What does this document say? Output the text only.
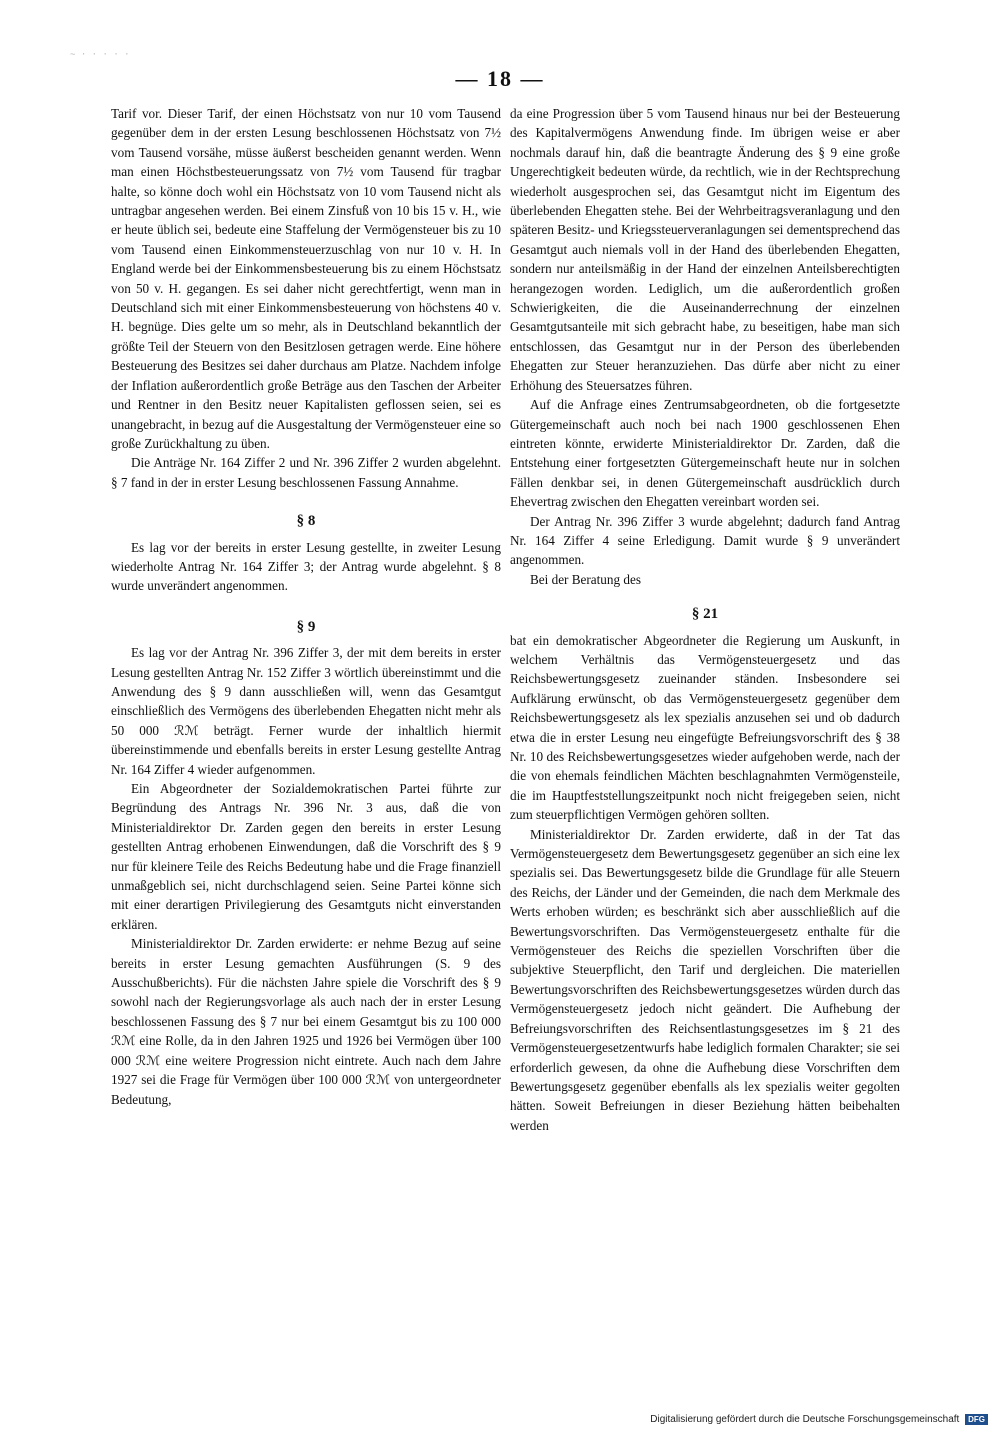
~ · · · · ·
— 18 —

Tarif vor. Dieser Tarif, der einen Höchstsatz von nur 10 vom Tausend gegenüber dem in der ersten Lesung beschlossenen Höchstsatz von 7½ vom Tausend vorsähe, müsse äußerst bescheiden genannt werden. Wenn man einen Höchstbesteuerungssatz von 7½ vom Tausend für tragbar halte, so könne doch wohl ein Höchstsatz von 10 vom Tausend nicht als untragbar angesehen werden. Bei einem Zinsfuß von 10 bis 15 v. H., wie er heute üblich sei, bedeute eine Staffelung der Vermögensteuer bis zu 10 vom Tausend einen Einkommensteuerzuschlag von nur 10 v. H. In England werde bei der Einkommensbesteuerung bis zu einem Höchstsatz von 50 v. H. gegangen. Es sei daher nicht gerechtfertigt, wenn man in Deutschland sich mit einer Einkommensbesteuerung von höchstens 40 v. H. begnüge. Dies gelte um so mehr, als in Deutschland bekanntlich der größte Teil der Steuern von den Besitzlosen getragen werde. Eine höhere Besteuerung des Besitzes sei daher durchaus am Platze. Nachdem infolge der Inflation außerordentlich große Beträge aus den Taschen der Arbeiter und Rentner in den Besitz neuer Kapitalisten geflossen seien, sei es unangebracht, in bezug auf die Ausgestaltung der Vermögensteuer eine so große Zurückhaltung zu üben.

Die Anträge Nr. 164 Ziffer 2 und Nr. 396 Ziffer 2 wurden abgelehnt. § 7 fand in der in erster Lesung beschlossenen Fassung Annahme.

§ 8

Es lag vor der bereits in erster Lesung gestellte, in zweiter Lesung wiederholte Antrag Nr. 164 Ziffer 3; der Antrag wurde abgelehnt. § 8 wurde unverändert angenommen.

§ 9

Es lag vor der Antrag Nr. 396 Ziffer 3, der mit dem bereits in erster Lesung gestellten Antrag Nr. 152 Ziffer 3 wörtlich übereinstimmt und die Anwendung des § 9 dann ausschließen will, wenn das Gesamtgut einschließlich des Vermögens des überlebenden Ehegatten nicht mehr als 50 000 ℛℳ beträgt. Ferner wurde der inhaltlich hiermit übereinstimmende und ebenfalls bereits in erster Lesung gestellte Antrag Nr. 164 Ziffer 4 wieder aufgenommen.

Ein Abgeordneter der Sozialdemokratischen Partei führte zur Begründung des Antrags Nr. 396 Nr. 3 aus, daß die von Ministerialdirektor Dr. Zarden gegen den bereits in erster Lesung gestellten Antrag erhobenen Einwendungen, daß die Vorschrift des § 9 nur für kleinere Teile des Reichs Bedeutung habe und die Frage finanziell unmaßgeblich sei, nicht durchschlagend seien. Seine Partei könne sich mit einer derartigen Privilegierung des Gesamtguts nicht einverstanden erklären.

Ministerialdirektor Dr. Zarden erwiderte: er nehme Bezug auf seine bereits in erster Lesung gemachten Ausführungen (S. 9 des Ausschußberichts). Für die nächsten Jahre spiele die Vorschrift des § 9 sowohl nach der Regierungsvorlage als auch nach der in erster Lesung beschlossenen Fassung des § 7 nur bei einem Gesamtgut bis zu 100 000 ℛℳ eine Rolle, da in den Jahren 1925 und 1926 bei Vermögen über 100 000 ℛℳ eine weitere Progression nicht eintrete. Auch nach dem Jahre 1927 sei die Frage für Vermögen über 100 000 ℛℳ von untergeordneter Bedeutung,

da eine Progression über 5 vom Tausend hinaus nur bei der Besteuerung des Kapitalvermögens Anwendung finde. Im übrigen weise er aber nochmals darauf hin, daß die beantragte Änderung des § 9 eine große Ungerechtigkeit bedeuten würde, da rechtlich, wie in der Rechtsprechung wiederholt ausgesprochen sei, das Gesamtgut nicht im Eigentum des überlebenden Ehegatten stehe. Bei der Wehrbeitragsveranlagung und den späteren Besitz- und Kriegssteuerveranlagungen sei dementsprechend das Gesamtgut auch niemals voll in der Hand des überlebenden Ehegatten, sondern nur anteilsmäßig in der Hand der einzelnen Anteilsberechtigten herangezogen worden. Lediglich, um die außerordentlich großen Schwierigkeiten, die die Auseinanderrechnung der einzelnen Gesamtgutsanteile mit sich gebracht habe, zu beseitigen, habe man sich entschlossen, das Gesamtgut nur in der Person des überlebenden Ehegatten zur Steuer heranzuziehen. Das dürfe aber nicht zu einer Erhöhung des Steuersatzes führen.

Auf die Anfrage eines Zentrumsabgeordneten, ob die fortgesetzte Gütergemeinschaft auch noch bei nach 1900 geschlossenen Ehen eintreten könnte, erwiderte Ministerialdirektor Dr. Zarden, daß die Entstehung einer fortgesetzten Gütergemeinschaft heute nur in solchen Fällen denkbar sei, in denen Gütergemeinschaft ausdrücklich durch Ehevertrag zwischen den Ehegatten vereinbart worden sei.

Der Antrag Nr. 396 Ziffer 3 wurde abgelehnt; dadurch fand Antrag Nr. 164 Ziffer 4 seine Erledigung. Damit wurde § 9 unverändert angenommen.

Bei der Beratung des

§ 21

bat ein demokratischer Abgeordneter die Regierung um Auskunft, in welchem Verhältnis das Vermögensteuergesetz und das Reichsbewertungsgesetz zueinander ständen. Insbesondere sei Aufklärung erwünscht, ob das Vermögensteuergesetz gegenüber dem Reichsbewertungsgesetz als lex spezialis anzusehen sei und ob dadurch etwa die in erster Lesung neu eingefügte Befreiungsvorschrift des § 38 Nr. 10 des Reichsbewertungsgesetzes wieder aufgehoben werde, nach der die von ehemals feindlichen Mächten beschlagnahmten Vermögensteile, die im Hauptfeststellungszeitpunkt noch nicht freigegeben seien, nicht zum steuerpflichtigen Vermögen gehören sollten.

Ministerialdirektor Dr. Zarden erwiderte, daß in der Tat das Vermögensteuergesetz dem Bewertungsgesetz gegenüber an sich eine lex spezialis sei. Das Bewertungsgesetz bilde die Grundlage für alle Steuern des Reichs, der Länder und der Gemeinden, die nach dem Merkmale des Werts erhoben würden; es beschränkt sich aber ausschließlich auf die Bewertungsvorschriften. Das Vermögensteuergesetz enthalte für die Vermögensteuer des Reichs die speziellen Vorschriften über die subjektive Steuerpflicht, den Tarif und dergleichen. Die materiellen Bewertungsvorschriften des Reichsbewertungsgesetzes würden durch das Vermögensteuergesetz jedoch nicht geändert. Die Aufhebung der Befreiungsvorschriften des Reichsentlastungsgesetzes im § 21 des Vermögensteuergesetzentwurfs habe lediglich formalen Charakter; sie sei erforderlich gewesen, da ohne die Aufhebung diese Vorschriften dem Bewertungsgesetz gegenüber ebenfalls als lex spezialis weiter gegolten hätten. Soweit Befreiungen in dieser Beziehung hätten beibehalten werden

Digitalisierung gefördert durch die Deutsche Forschungsgemeinschaft DFG
